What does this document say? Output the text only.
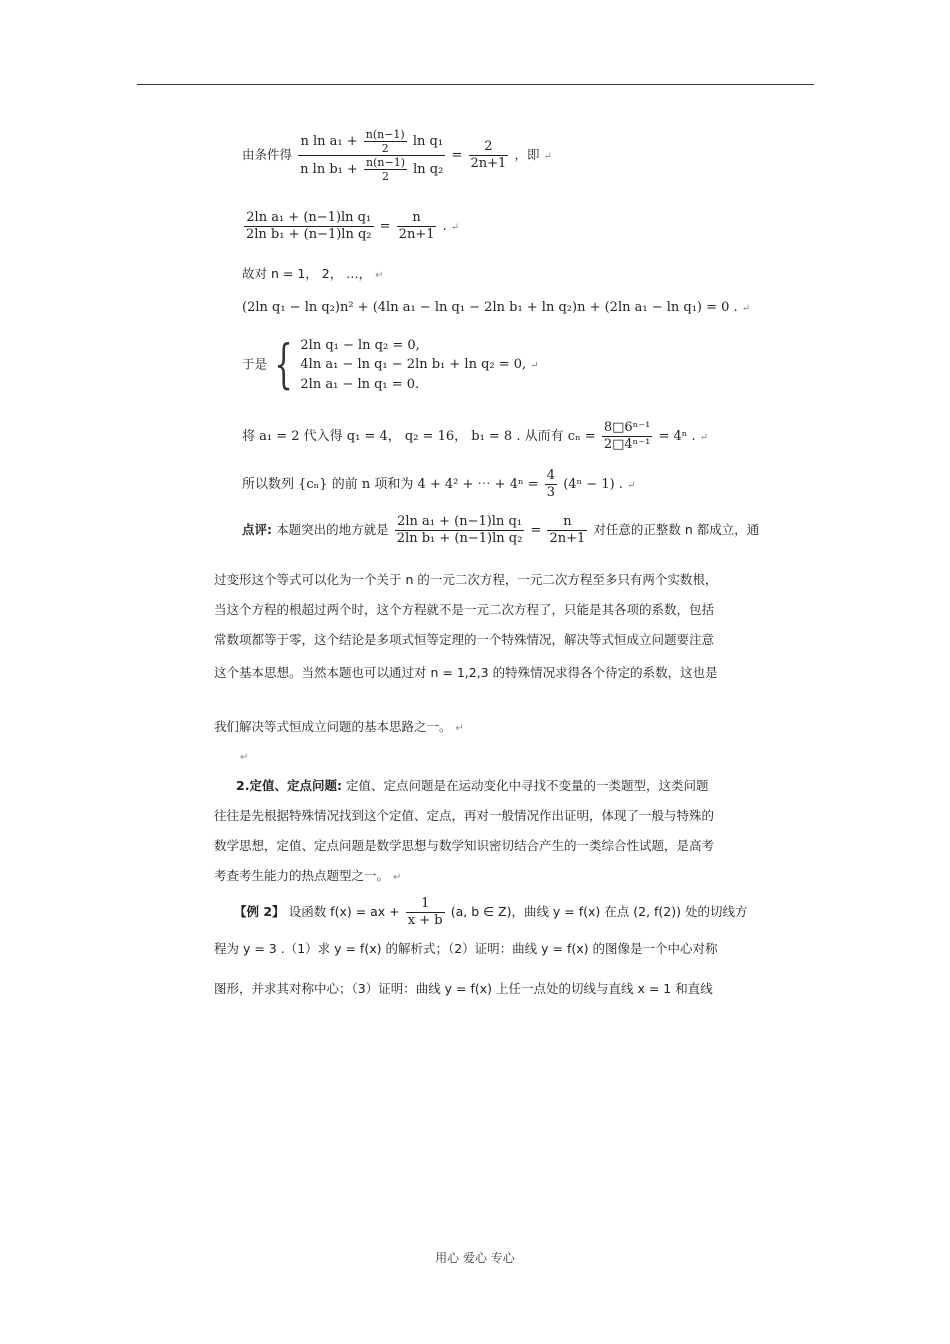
由条件得 $\frac{n \ln a_1 + \frac{n(n-1)}{2} \ln q_1}{n \ln b_1 + \frac{n(n-1)}{2} \ln q_2} = \frac{2}{2n+1}$ ，即 ↵
$\frac{\text{2ln a₁ + (n−1)ln q₁}}{\text{2ln b₁ + (n−1)ln q₂}} = \frac{n}{2n+1}$ . ↵
故对 n = 1， 2， …， ↵
(2ln q₁ − ln q₂)n² + (4ln a₁ − ln q₁ − 2ln b₁ + ln q₂)n + (2ln a₁ − ln q₁) = 0 . ↵
于是 { 2ln q₁ − ln q₂ = 0,
4ln a₁ − ln q₁ − 2ln b₁ + ln q₂ = 0, ↵
2ln a₁ − ln q₁ = 0.
将 a₁ = 2 代入得 q₁ = 4， q₂ = 16， b₁ = 8 . 从而有 $c_n = \frac{\text{8□6ⁿ⁻¹}}{\text{2□4ⁿ⁻¹}} = 4^n$ . ↵
所以数列 {cₙ} 的前 n 项和为 4 + 4² + ⋯ + $4^n = \frac{4}{3} (4^n - 1)$ . ↵
点评: 本题突出的地方就是 $\frac{\text{2ln a₁ + (n−1)ln q₁}}{\text{2ln b₁ + (n−1)ln q₂}} = \frac{n}{2n+1}$ 对任意的正整数 n 都成立，通
过变形这个等式可以化为一个关于 n 的一元二次方程，一元二次方程至多只有两个实数根，
当这个方程的根超过两个时，这个方程就不是一元二次方程了，只能是其各项的系数，包括
常数项都等于零，这个结论是多项式恒等定理的一个特殊情况，解决等式恒成立问题要注意
这个基本思想。当然本题也可以通过对 n = 1,2,3 的特殊情况求得各个待定的系数，这也是
我们解决等式恒成立问题的基本思路之一。 ↵
↵
2.定值、定点问题: 定值、定点问题是在运动变化中寻找不变量的一类题型，这类问题
往往是先根据特殊情况找到这个定值、定点，再对一般情况作出证明，体现了一般与特殊的
数学思想，定值、定点问题是数学思想与数学知识密切结合产生的一类综合性试题，是高考
考查考生能力的热点题型之一。 ↵
【例 2】 设函数 f(x) = ax + $\frac{1}{x + b} (a$, b ∈ Z)，曲线 y = f(x) 在点 (2, f(2)) 处的切线方
程为 y = 3 .（1）求 y = f(x) 的解析式；（2）证明：曲线 y = f(x) 的图像是一个中心对称
图形，并求其对称中心；（3）证明：曲线 y = f(x) 上任一点处的切线与直线 x = 1 和直线
用心 爱心 专心
